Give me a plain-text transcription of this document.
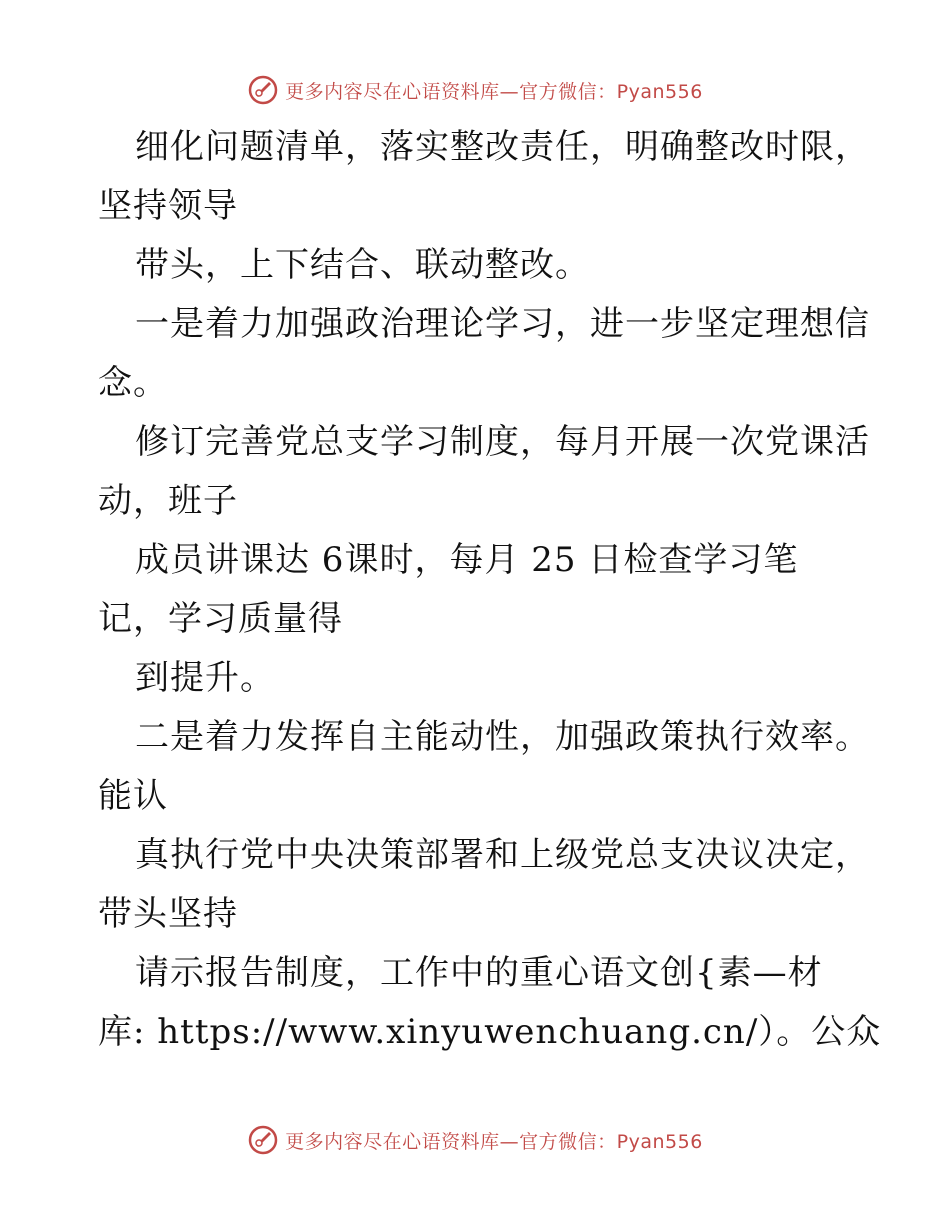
更多内容尽在心语资料库—官方微信：Pyan556
细化问题清单，落实整改责任，明确整改时限，
坚持领导
带头，上下结合、联动整改。
一是着力加强政治理论学习，进一步坚定理想信
念。
修订完善党总支学习制度，每月开展一次党课活
动，班子
成员讲课达 6课时，每月 25 日检查学习笔
记，学习质量得
到提升。
二是着力发挥自主能动性，加强政策执行效率。
能认
真执行党中央决策部署和上级党总支决议决定，
带头坚持
请示报告制度，工作中的重心语文创{素—材
库: https://www.xinyuwenchuang.cn/）。公众
更多内容尽在心语资料库—官方微信：Pyan556
